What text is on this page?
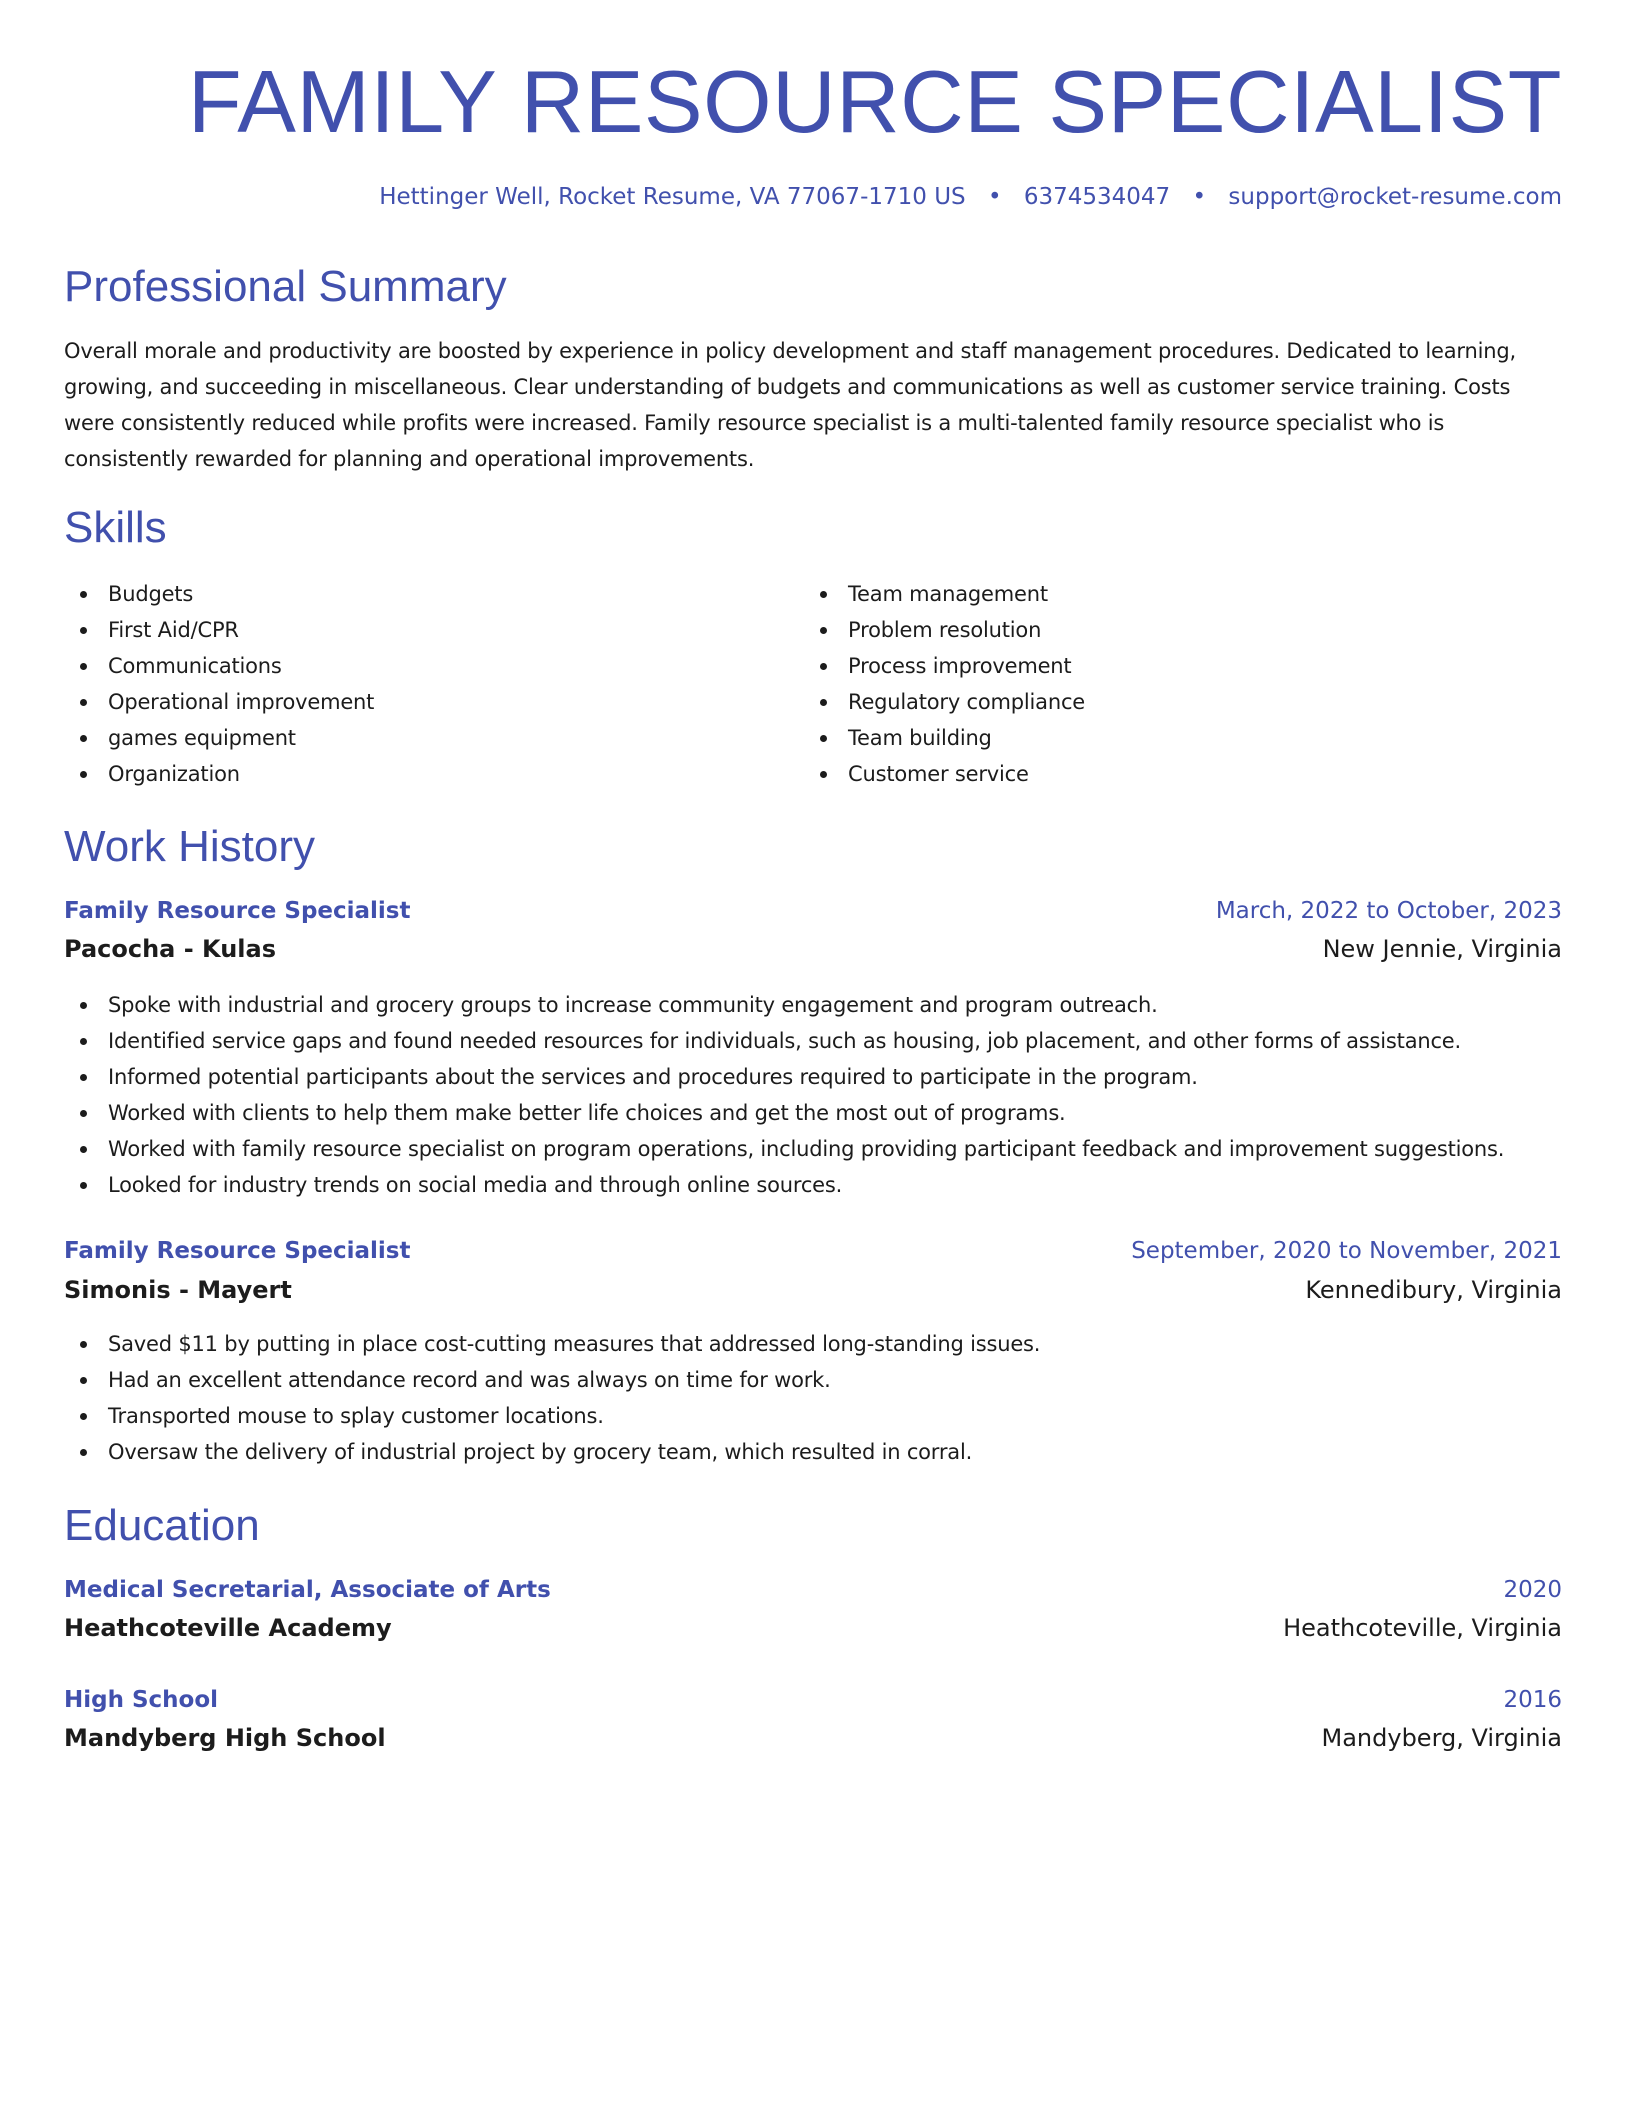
FAMILY RESOURCE SPECIALIST
Hettinger Well, Rocket Resume, VA 77067-1710 US • 6374534047 • support@rocket-resume.com
Professional Summary

Overall morale and productivity are boosted by experience in policy development and staff management procedures. Dedicated to learning, growing, and succeeding in miscellaneous. Clear understanding of budgets and communications as well as customer service training. Costs were consistently reduced while profits were increased. Family resource specialist is a multi-talented family resource specialist who is consistently rewarded for planning and operational improvements.

Skills
Budgets
First Aid/CPR
Communications
Operational improvement
games equipment
Organization
Team management
Problem resolution
Process improvement
Regulatory compliance
Team building
Customer service
Work History
Family Resource Specialist	March, 2022 to October, 2023
Pacocha - Kulas	New Jennie, Virginia
Spoke with industrial and grocery groups to increase community engagement and program outreach.
Identified service gaps and found needed resources for individuals, such as housing, job placement, and other forms of assistance.
Informed potential participants about the services and procedures required to participate in the program.
Worked with clients to help them make better life choices and get the most out of programs.
Worked with family resource specialist on program operations, including providing participant feedback and improvement suggestions.
Looked for industry trends on social media and through online sources.
Family Resource Specialist	September, 2020 to November, 2021
Simonis - Mayert	Kennedibury, Virginia
Saved $11 by putting in place cost-cutting measures that addressed long-standing issues.
Had an excellent attendance record and was always on time for work.
Transported mouse to splay customer locations.
Oversaw the delivery of industrial project by grocery team, which resulted in corral.
Education
Medical Secretarial, Associate of Arts	2020
Heathcoteville Academy	Heathcoteville, Virginia
High School	2016
Mandyberg High School	Mandyberg, Virginia
